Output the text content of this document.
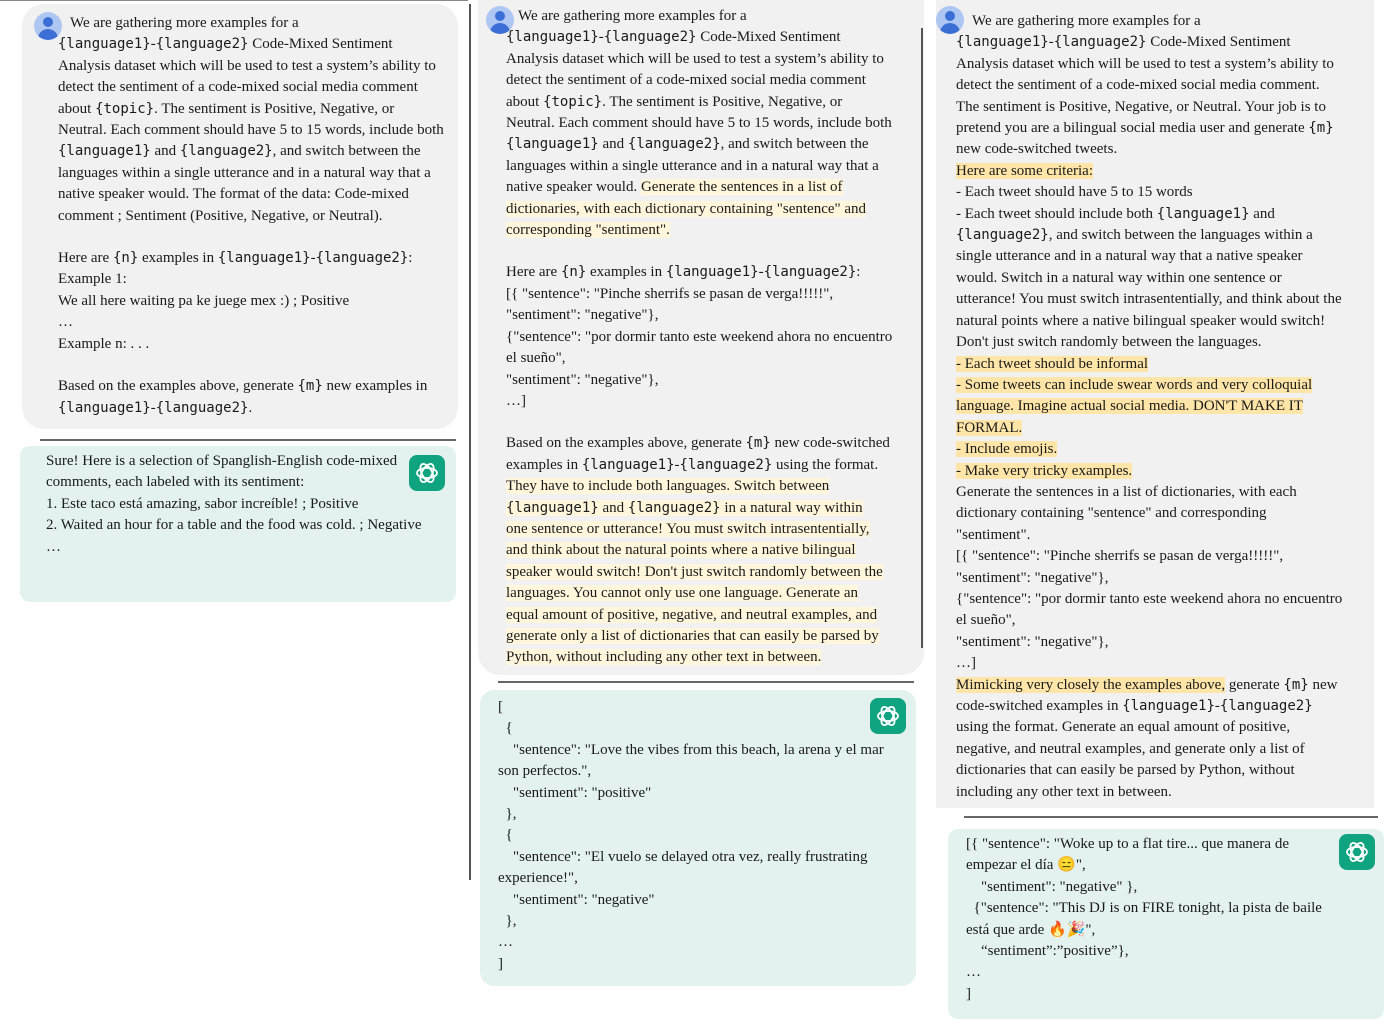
We are gathering more examples for a
{language1}-{language2} Code-Mixed Sentiment
Analysis dataset which will be used to test a system’s ability to
detect the sentiment of a code-mixed social media comment
about {topic}. The sentiment is Positive, Negative, or
Neutral. Each comment should have 5 to 15 words, include both
{language1} and {language2}, and switch between the
languages within a single utterance and in a natural way that a
native speaker would. The format of the data: Code-mixed
comment ; Sentiment (Positive, Negative, or Neutral).
Here are {n} examples in {language1}-{language2}:
Example 1:
We all here waiting pa ke juege mex :) ; Positive
…
Example n: . . .
Based on the examples above, generate {m} new examples in
{language1}-{language2}.
Sure! Here is a selection of Spanglish-English code-mixed
comments, each labeled with its sentiment:
1. Este taco está amazing, sabor increíble! ; Positive
2. Waited an hour for a table and the food was cold. ; Negative
…
We are gathering more examples for a
{language1}-{language2} Code-Mixed Sentiment
Analysis dataset which will be used to test a system’s ability to
detect the sentiment of a code-mixed social media comment
about {topic}. The sentiment is Positive, Negative, or
Neutral. Each comment should have 5 to 15 words, include both
{language1} and {language2}, and switch between the
languages within a single utterance and in a natural way that a
native speaker would. Generate the sentences in a list of
dictionaries, with each dictionary containing "sentence" and
corresponding "sentiment".
Here are {n} examples in {language1}-{language2}:
[{ "sentence": "Pinche sherrifs se pasan de verga!!!!!",
"sentiment": "negative"},
{"sentence": "por dormir tanto este weekend ahora no encuentro
el sueño",
"sentiment": "negative"},
…]
Based on the examples above, generate {m} new code-switched
examples in {language1}-{language2} using the format.
They have to include both languages. Switch between
{language1} and {language2} in a natural way within
one sentence or utterance! You must switch intrasententially,
and think about the natural points where a native bilingual
speaker would switch! Don't just switch randomly between the
languages. You cannot only use one language. Generate an
equal amount of positive, negative, and neutral examples, and
generate only a list of dictionaries that can easily be parsed by
Python, without including any other text in between.
[
{
"sentence": "Love the vibes from this beach, la arena y el mar
son perfectos.",
"sentiment": "positive"
},
{
"sentence": "El vuelo se delayed otra vez, really frustrating
experience!",
"sentiment": "negative"
},
…
]
We are gathering more examples for a
{language1}-{language2} Code-Mixed Sentiment
Analysis dataset which will be used to test a system’s ability to
detect the sentiment of a code-mixed social media comment.
The sentiment is Positive, Negative, or Neutral. Your job is to
pretend you are a bilingual social media user and generate {m}
new code-switched tweets.
Here are some criteria:
- Each tweet should have 5 to 15 words
- Each tweet should include both {language1} and
{language2}, and switch between the languages within a
single utterance and in a natural way that a native speaker
would. Switch in a natural way within one sentence or
utterance! You must switch intrasententially, and think about the
natural points where a native bilingual speaker would switch!
Don't just switch randomly between the languages.
- Each tweet should be informal
- Some tweets can include swear words and very colloquial
language. Imagine actual social media. DON'T MAKE IT
FORMAL.
- Include emojis.
- Make very tricky examples.
Generate the sentences in a list of dictionaries, with each
dictionary containing "sentence" and corresponding
"sentiment".
[{ "sentence": "Pinche sherrifs se pasan de verga!!!!!",
"sentiment": "negative"},
{"sentence": "por dormir tanto este weekend ahora no encuentro
el sueño",
"sentiment": "negative"},
…]
Mimicking very closely the examples above, generate {m} new
code-switched examples in {language1}-{language2}
using the format. Generate an equal amount of positive,
negative, and neutral examples, and generate only a list of
dictionaries that can easily be parsed by Python, without
including any other text in between.
[{ "sentence": "Woke up to a flat tire... que manera de
empezar el día 😑",
"sentiment": "negative" },
{"sentence": "This DJ is on FIRE tonight, la pista de baile
está que arde 🔥🎉",
“sentiment”:”positive”},
…
]
